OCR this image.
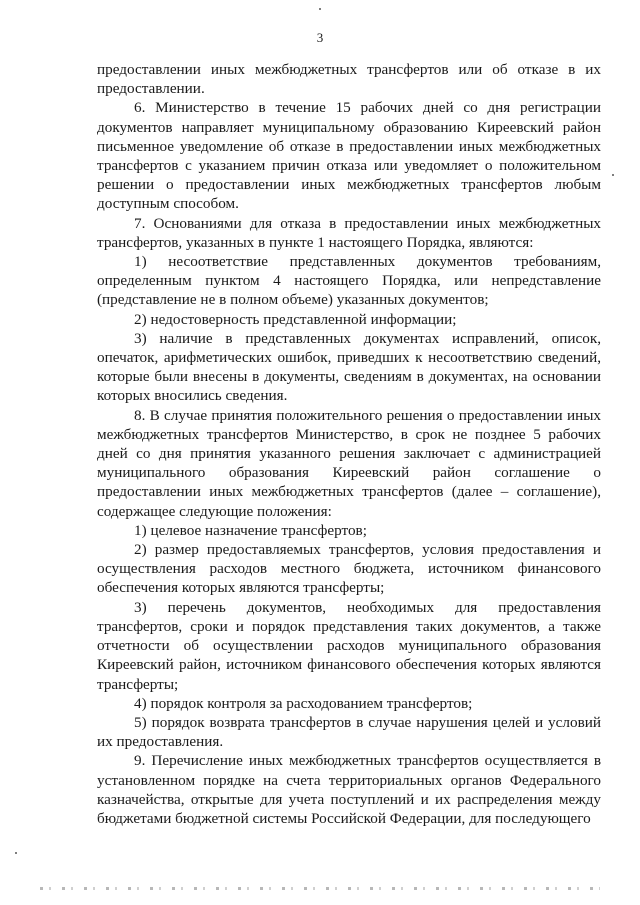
3

предоставлении иных межбюджетных трансфертов или об отказе в их предоставлении.

6. Министерство в течение 15 рабочих дней со дня регистрации документов направляет муниципальному образованию Киреевский район письменное уведомление об отказе в предоставлении иных межбюджетных трансфертов с указанием причин отказа или уведомляет о положительном решении о предоставлении иных межбюджетных трансфертов любым доступным способом.

7. Основаниями для отказа в предоставлении иных межбюджетных трансфертов, указанных в пункте 1 настоящего Порядка, являются:

1) несоответствие представленных документов требованиям, определенным пунктом 4 настоящего Порядка, или непредставление (представление не в полном объеме) указанных документов;

2) недостоверность представленной информации;

3) наличие в представленных документах исправлений, описок, опечаток, арифметических ошибок, приведших к несоответствию сведений, которые были внесены в документы, сведениям в документах, на основании которых вносились сведения.

8. В случае принятия положительного решения о предоставлении иных межбюджетных трансфертов Министерство, в срок не позднее 5 рабочих дней со дня принятия указанного решения заключает с администрацией муниципального образования Киреевский район соглашение о предоставлении иных межбюджетных трансфертов (далее – соглашение), содержащее следующие положения:

1) целевое назначение трансфертов;

2) размер предоставляемых трансфертов, условия предоставления и осуществления расходов местного бюджета, источником финансового обеспечения которых являются трансферты;

3) перечень документов, необходимых для предоставления трансфертов, сроки и порядок представления таких документов, а также отчетности об осуществлении расходов муниципального образования Киреевский район, источником финансового обеспечения которых являются трансферты;

4) порядок контроля за расходованием трансфертов;

5) порядок возврата трансфертов в случае нарушения целей и условий их предоставления.

9. Перечисление иных межбюджетных трансфертов осуществляется в установленном порядке на счета территориальных органов Федерального казначейства, открытые для учета поступлений и их распределения между бюджетами бюджетной системы Российской Федерации, для последующего
